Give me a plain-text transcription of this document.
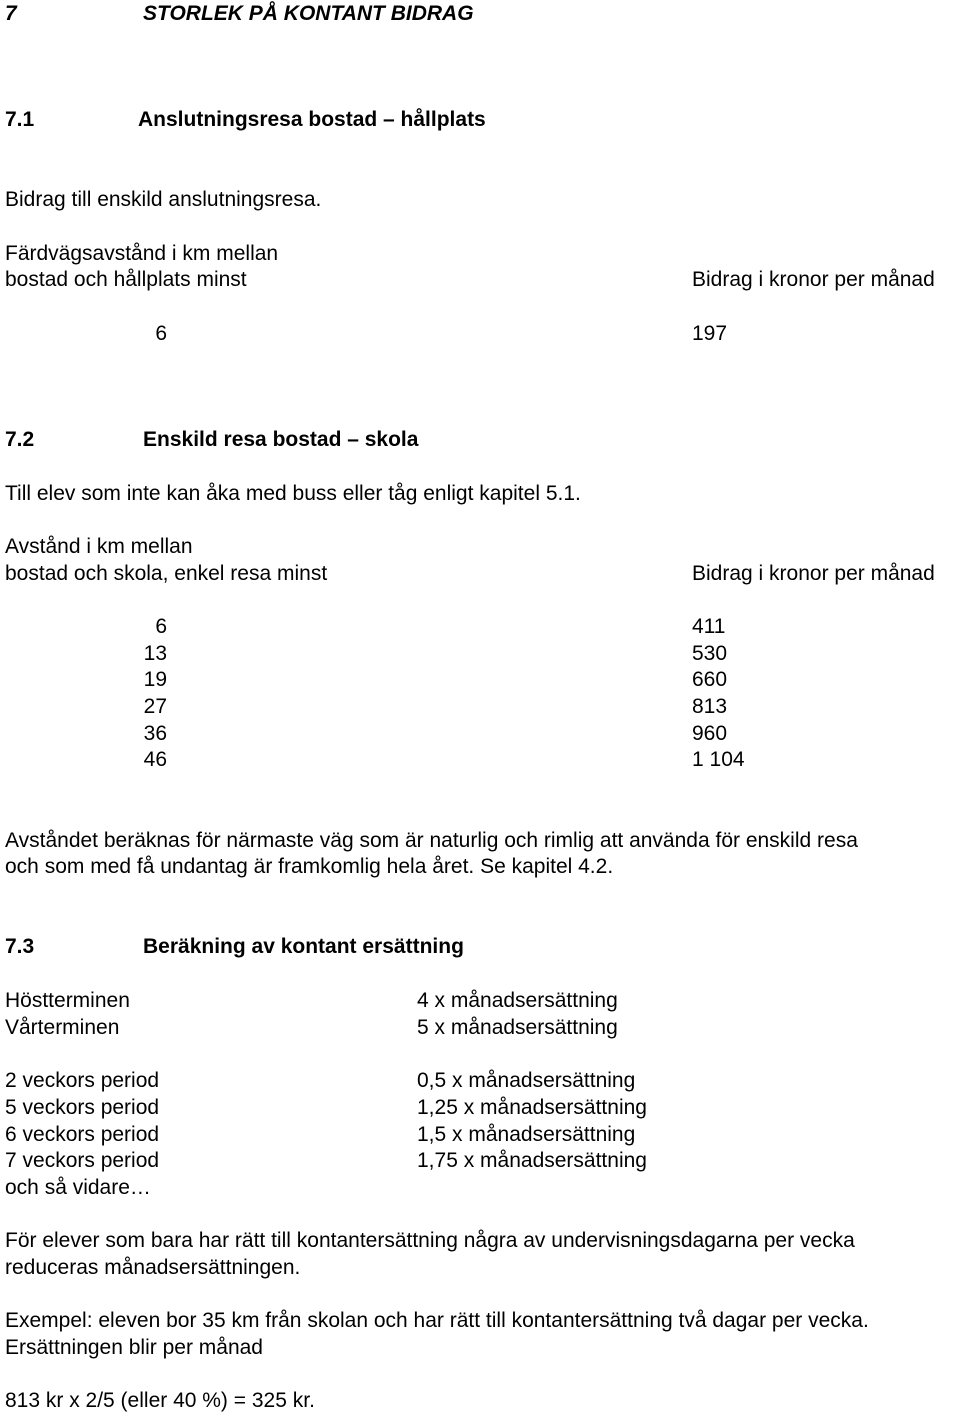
7	STORLEK PÅ KONTANT BIDRAG
7.1	Anslutningsresa bostad – hållplats
Bidrag till enskild anslutningsresa.
Färdvägsavstånd i km mellan
bostad och hållplats minst	Bidrag i kronor per månad
6	197
7.2	Enskild resa bostad – skola
Till elev som inte kan åka med buss eller tåg enligt kapitel 5.1.
Avstånd i km mellan
bostad och skola, enkel resa minst	Bidrag i kronor per månad
6	411
13	530
19	660
27	813
36	960
46	1 104
Avståndet beräknas för närmaste väg som är naturlig och rimlig att använda för enskild resa
och som med få undantag är framkomlig hela året. Se kapitel 4.2.
7.3	Beräkning av kontant ersättning
Höstterminen	4 x månadsersättning
Vårterminen	5 x månadsersättning
2 veckors period	0,5 x månadsersättning
5 veckors period	1,25 x månadsersättning
6 veckors period	1,5 x månadsersättning
7 veckors period	1,75 x månadsersättning
och så vidare…
För elever som bara har rätt till kontantersättning några av undervisningsdagarna per vecka
reduceras månadsersättningen.
Exempel: eleven bor 35 km från skolan och har rätt till kontantersättning två dagar per vecka.
Ersättningen blir per månad
813 kr x 2/5 (eller 40 %) = 325 kr.
